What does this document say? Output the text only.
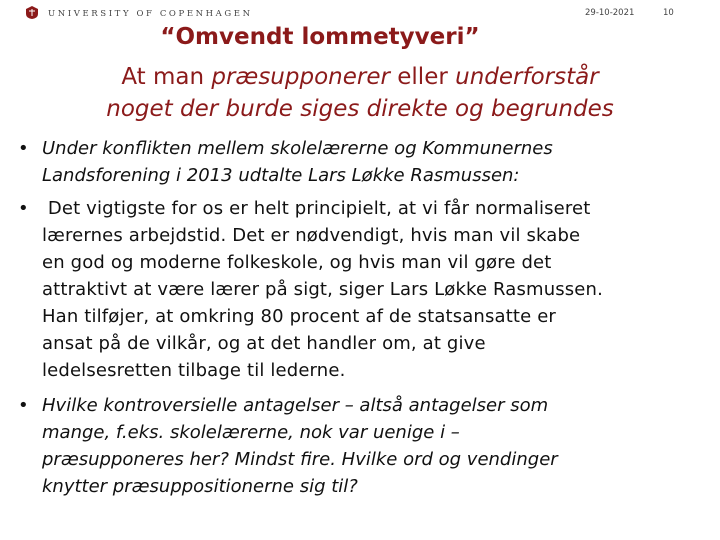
UNIVERSITY OF COPENHAGEN	29-10-2021	10
“Omvendt lommetyveri”
At man præsupponerer eller underforstår
noget der burde siges direkte og begrundes
• Under konflikten mellem skolelærerne og Kommunernes
Landsforening i 2013 udtalte Lars Løkke Rasmussen:
• Det vigtigste for os er helt principielt, at vi får normaliseret
lærernes arbejdstid. Det er nødvendigt, hvis man vil skabe
en god og moderne folkeskole, og hvis man vil gøre det
attraktivt at være lærer på sigt, siger Lars Løkke Rasmussen.
Han tilføjer, at omkring 80 procent af de statsansatte er
ansat på de vilkår, og at det handler om, at give
ledelsesretten tilbage til lederne.
• Hvilke kontroversielle antagelser – altså antagelser som
mange, f.eks. skolelærerne, nok var uenige i –
præsupponeres her? Mindst fire. Hvilke ord og vendinger
knytter præsuppositionerne sig til?
